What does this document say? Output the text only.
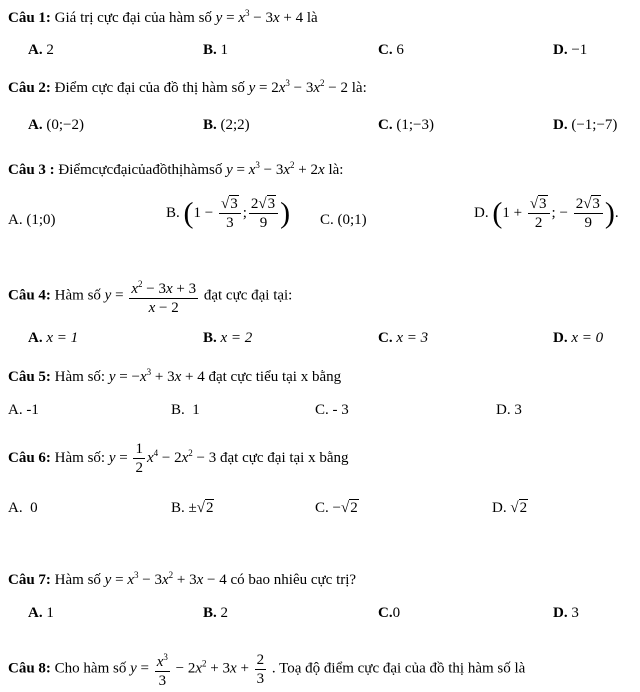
Câu 1: Giá trị cực đại của hàm số $y = x^3 - 3x + 4$ là
A. 2	B. 1	C. 6	D. −1
Câu 2: Điểm cực đại của đồ thị hàm số $y = 2x^3 - 3x^2 - 2$ là:
A. (0;−2)	B. (2;2)	C. (1;−3)	D. (−1;−7)
Câu 3 : Điểmcựcđạicủađồthịhàmsố $y = x^3 - 3x^2 + 2x$ là:
A. (1;0)	B. ($1 - \frac{√3}{3}$ ; $\frac{2√3}{9}$ ) C. (0;1)	D. ($1 + \frac{√3}{2}$ ; − $\frac{2√3}{9}$ ).
Câu 4: Hàm số $y = \frac{x^2 - 3x + 3}{x - 2}$ đạt cực đại tại:
A. x = 1	B. x = 2	C. x = 3	D. x = 0
Câu 5: Hàm số: $y = -x^3 + 3x + 4$ đạt cực tiểu tại x bằng
A. -1	B. 1	C. - 3	D. 3
Câu 6: Hàm số: $y = \frac{1}{2} x^4 - 2x^2 - 3$ đạt cực đại tại x bằng
A. 0	B. ±√2	C. −√2	D. √2
Câu 7: Hàm số $y = x^3 - 3x^2 + 3x - 4$ có bao nhiêu cực trị?
A. 1	B. 2	C.0	D. 3
Câu 8: Cho hàm số $y = \frac{x^3}{3} - 2x^2 + 3x + \frac{2}{3}$ . Toạ độ điểm cực đại của đồ thị hàm số là
